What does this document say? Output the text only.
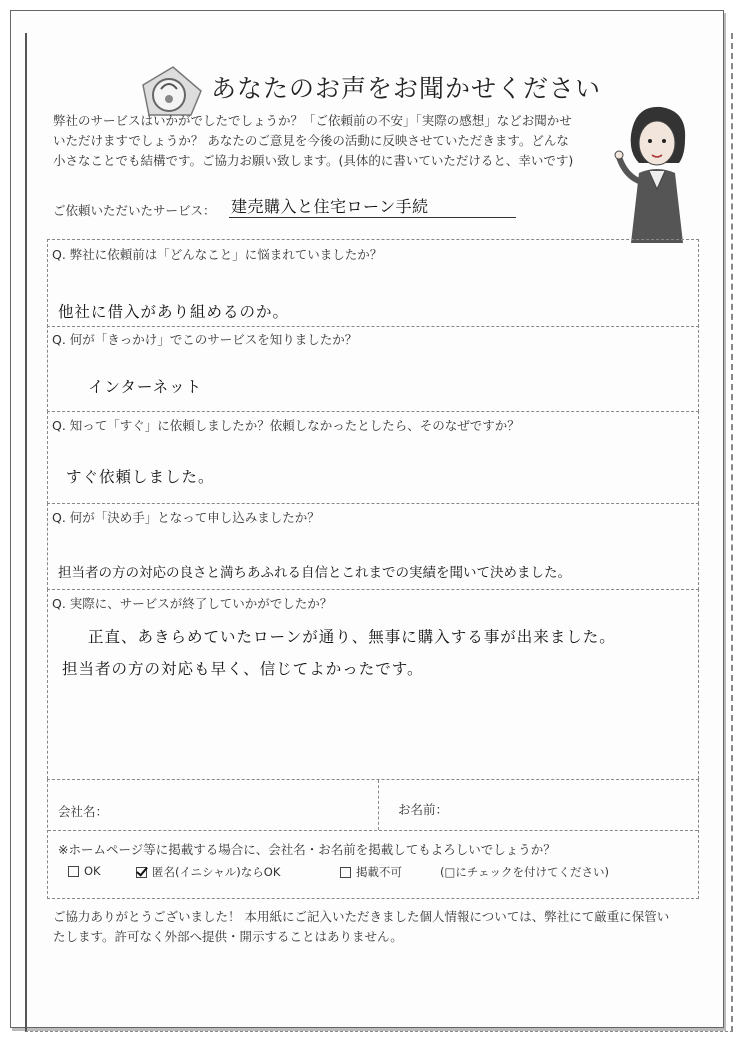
あなたのお声をお聞かせください
弊社のサービスはいかがでしたでしょうか？「ご依頼前の不安」「実際の感想」などお聞かせ
いただけますでしょうか？ あなたのご意見を今後の活動に反映させていただきます。どんな
小さなことでも結構です。ご協力お願い致します。(具体的に書いていただけると、幸いです)
ご依頼いただいたサービス： 建売購入と住宅ローン手続
Q. 弊社に依頼前は「どんなこと」に悩まれていましたか？
他社に借入があり組めるのか。
Q. 何が「きっかけ」でこのサービスを知りましたか？
インターネット
Q. 知って「すぐ」に依頼しましたか？依頼しなかったとしたら、そのなぜですか？
すぐ依頼しました。
Q. 何が「決め手」となって申し込みましたか？
担当者の方の対応の良さと満ちあふれる自信とこれまでの実績を聞いて決めました。
Q. 実際に、サービスが終了していかがでしたか？
正直、あきらめていたローンが通り、無事に購入する事が出来ました。
担当者の方の対応も早く、信じてよかったです。
会社名：	お名前：
※ホームページ等に掲載する場合に、会社名・お名前を掲載してもよろしいでしょうか？
OK	匿名(イニシャル)ならOK	掲載不可	(□にチェックを付けてください)
ご協力ありがとうございました！ 本用紙にご記入いただきました個人情報については、弊社にて厳重に保管い
たします。許可なく外部へ提供・開示することはありません。
